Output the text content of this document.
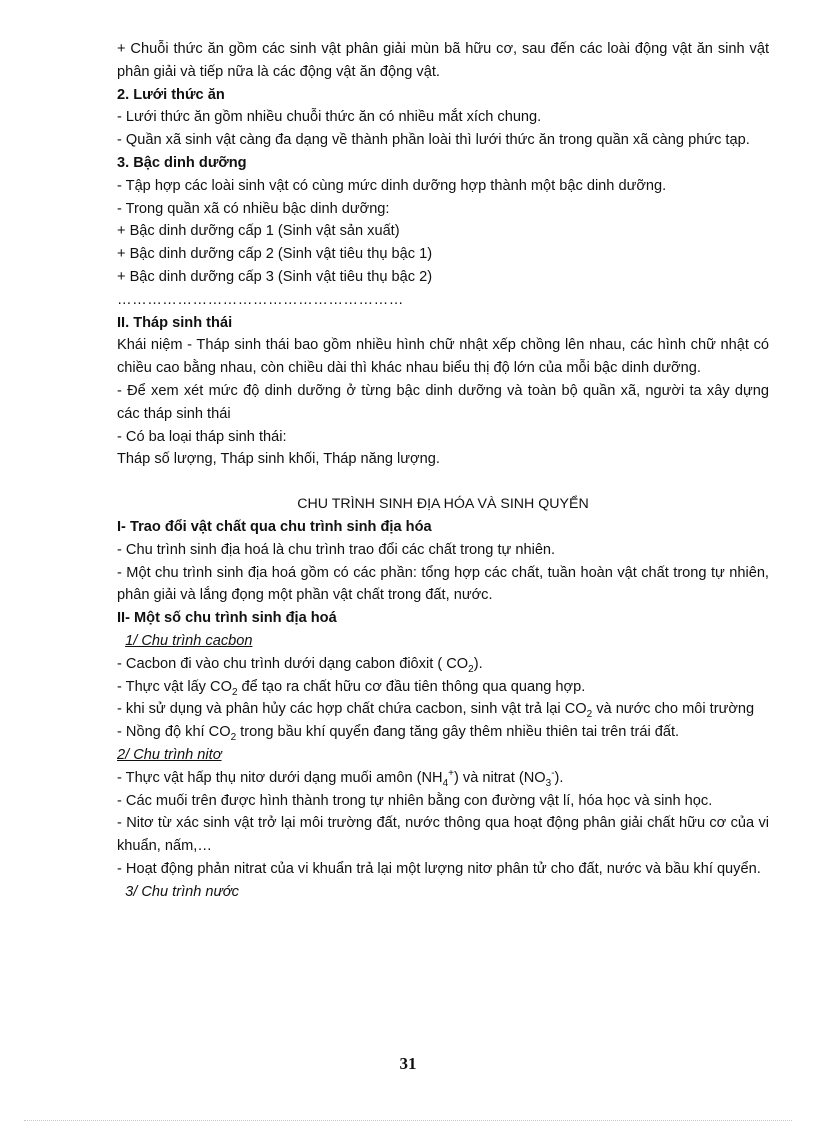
+ Chuỗi thức ăn gồm các sinh vật phân giải mùn bã hữu cơ, sau đến các loài động vật ăn sinh vật phân giải và tiếp nữa là các động vật ăn động vật.

2. Lưới thức ăn

- Lưới thức ăn gồm nhiều chuỗi thức ăn có nhiều mắt xích chung.

- Quần xã sinh vật càng đa dạng về thành phần loài thì lưới thức ăn trong quần xã càng phức tạp.

3. Bậc dinh dưỡng

- Tập hợp các loài sinh vật có cùng mức dinh dưỡng hợp thành một bậc dinh dưỡng.

- Trong quần xã có nhiều bậc dinh dưỡng:

+ Bậc dinh dưỡng cấp 1 (Sinh vật sản xuất)

+ Bậc dinh dưỡng cấp 2 (Sinh vật tiêu thụ bậc 1)

+ Bậc dinh dưỡng cấp 3 (Sinh vật tiêu thụ bậc 2)

…………………………………………………

II. Tháp sinh thái

Khái niệm - Tháp sinh thái bao gồm nhiều hình chữ nhật xếp chồng lên nhau, các hình chữ nhật có chiều cao bằng nhau, còn chiều dài thì khác nhau biểu thị độ lớn của mỗi bậc dinh dưỡng.

- Để xem xét mức độ dinh dưỡng ở từng bậc dinh dưỡng và toàn bộ quần xã, người ta xây dựng các tháp sinh thái

- Có ba loại tháp sinh thái:

Tháp số lượng, Tháp sinh khối, Tháp năng lượng.

CHU TRÌNH SINH ĐỊA HÓA VÀ SINH QUYỂN

I- Trao đổi vật chất qua chu trình sinh địa hóa

- Chu trình sinh địa hoá là chu trình trao đổi các chất trong tự nhiên.

- Một chu trình sinh địa hoá gồm có các phần: tổng hợp các chất, tuần hoàn vật chất trong tự nhiên, phân giải và lắng đọng một phần vật chất trong đất, nước.

II- Một số chu trình sinh địa hoá

1/ Chu trình cacbon

- Cacbon đi vào chu trình dưới dạng cabon điôxit ( $CO_2$).

- Thực vật lấy $CO_2$ để tạo ra chất hữu cơ đầu tiên thông qua quang hợp.

- khi sử dụng và phân hủy các hợp chất chứa cacbon, sinh vật trả lại $CO_2$ và nước cho môi trường

- Nồng độ khí $CO_2$ trong bầu khí quyển đang tăng gây thêm nhiều thiên tai trên trái đất.

2/ Chu trình nitơ

- Thực vật hấp thụ nitơ dưới dạng muối amôn $(NH_4^+)$ và nitrat $(NO_3^-)$.

- Các muối trên được hình thành trong tự nhiên bằng con đường vật lí, hóa học và sinh học.

- Nitơ từ xác sinh vật trở lại môi trường đất, nước thông qua hoạt động phân giải chất hữu cơ của vi khuẩn, nấm,…

- Hoạt động phản nitrat của vi khuẩn trả lại một lượng nitơ phân tử cho đất, nước và bầu khí quyển.

3/ Chu trình nước

31
